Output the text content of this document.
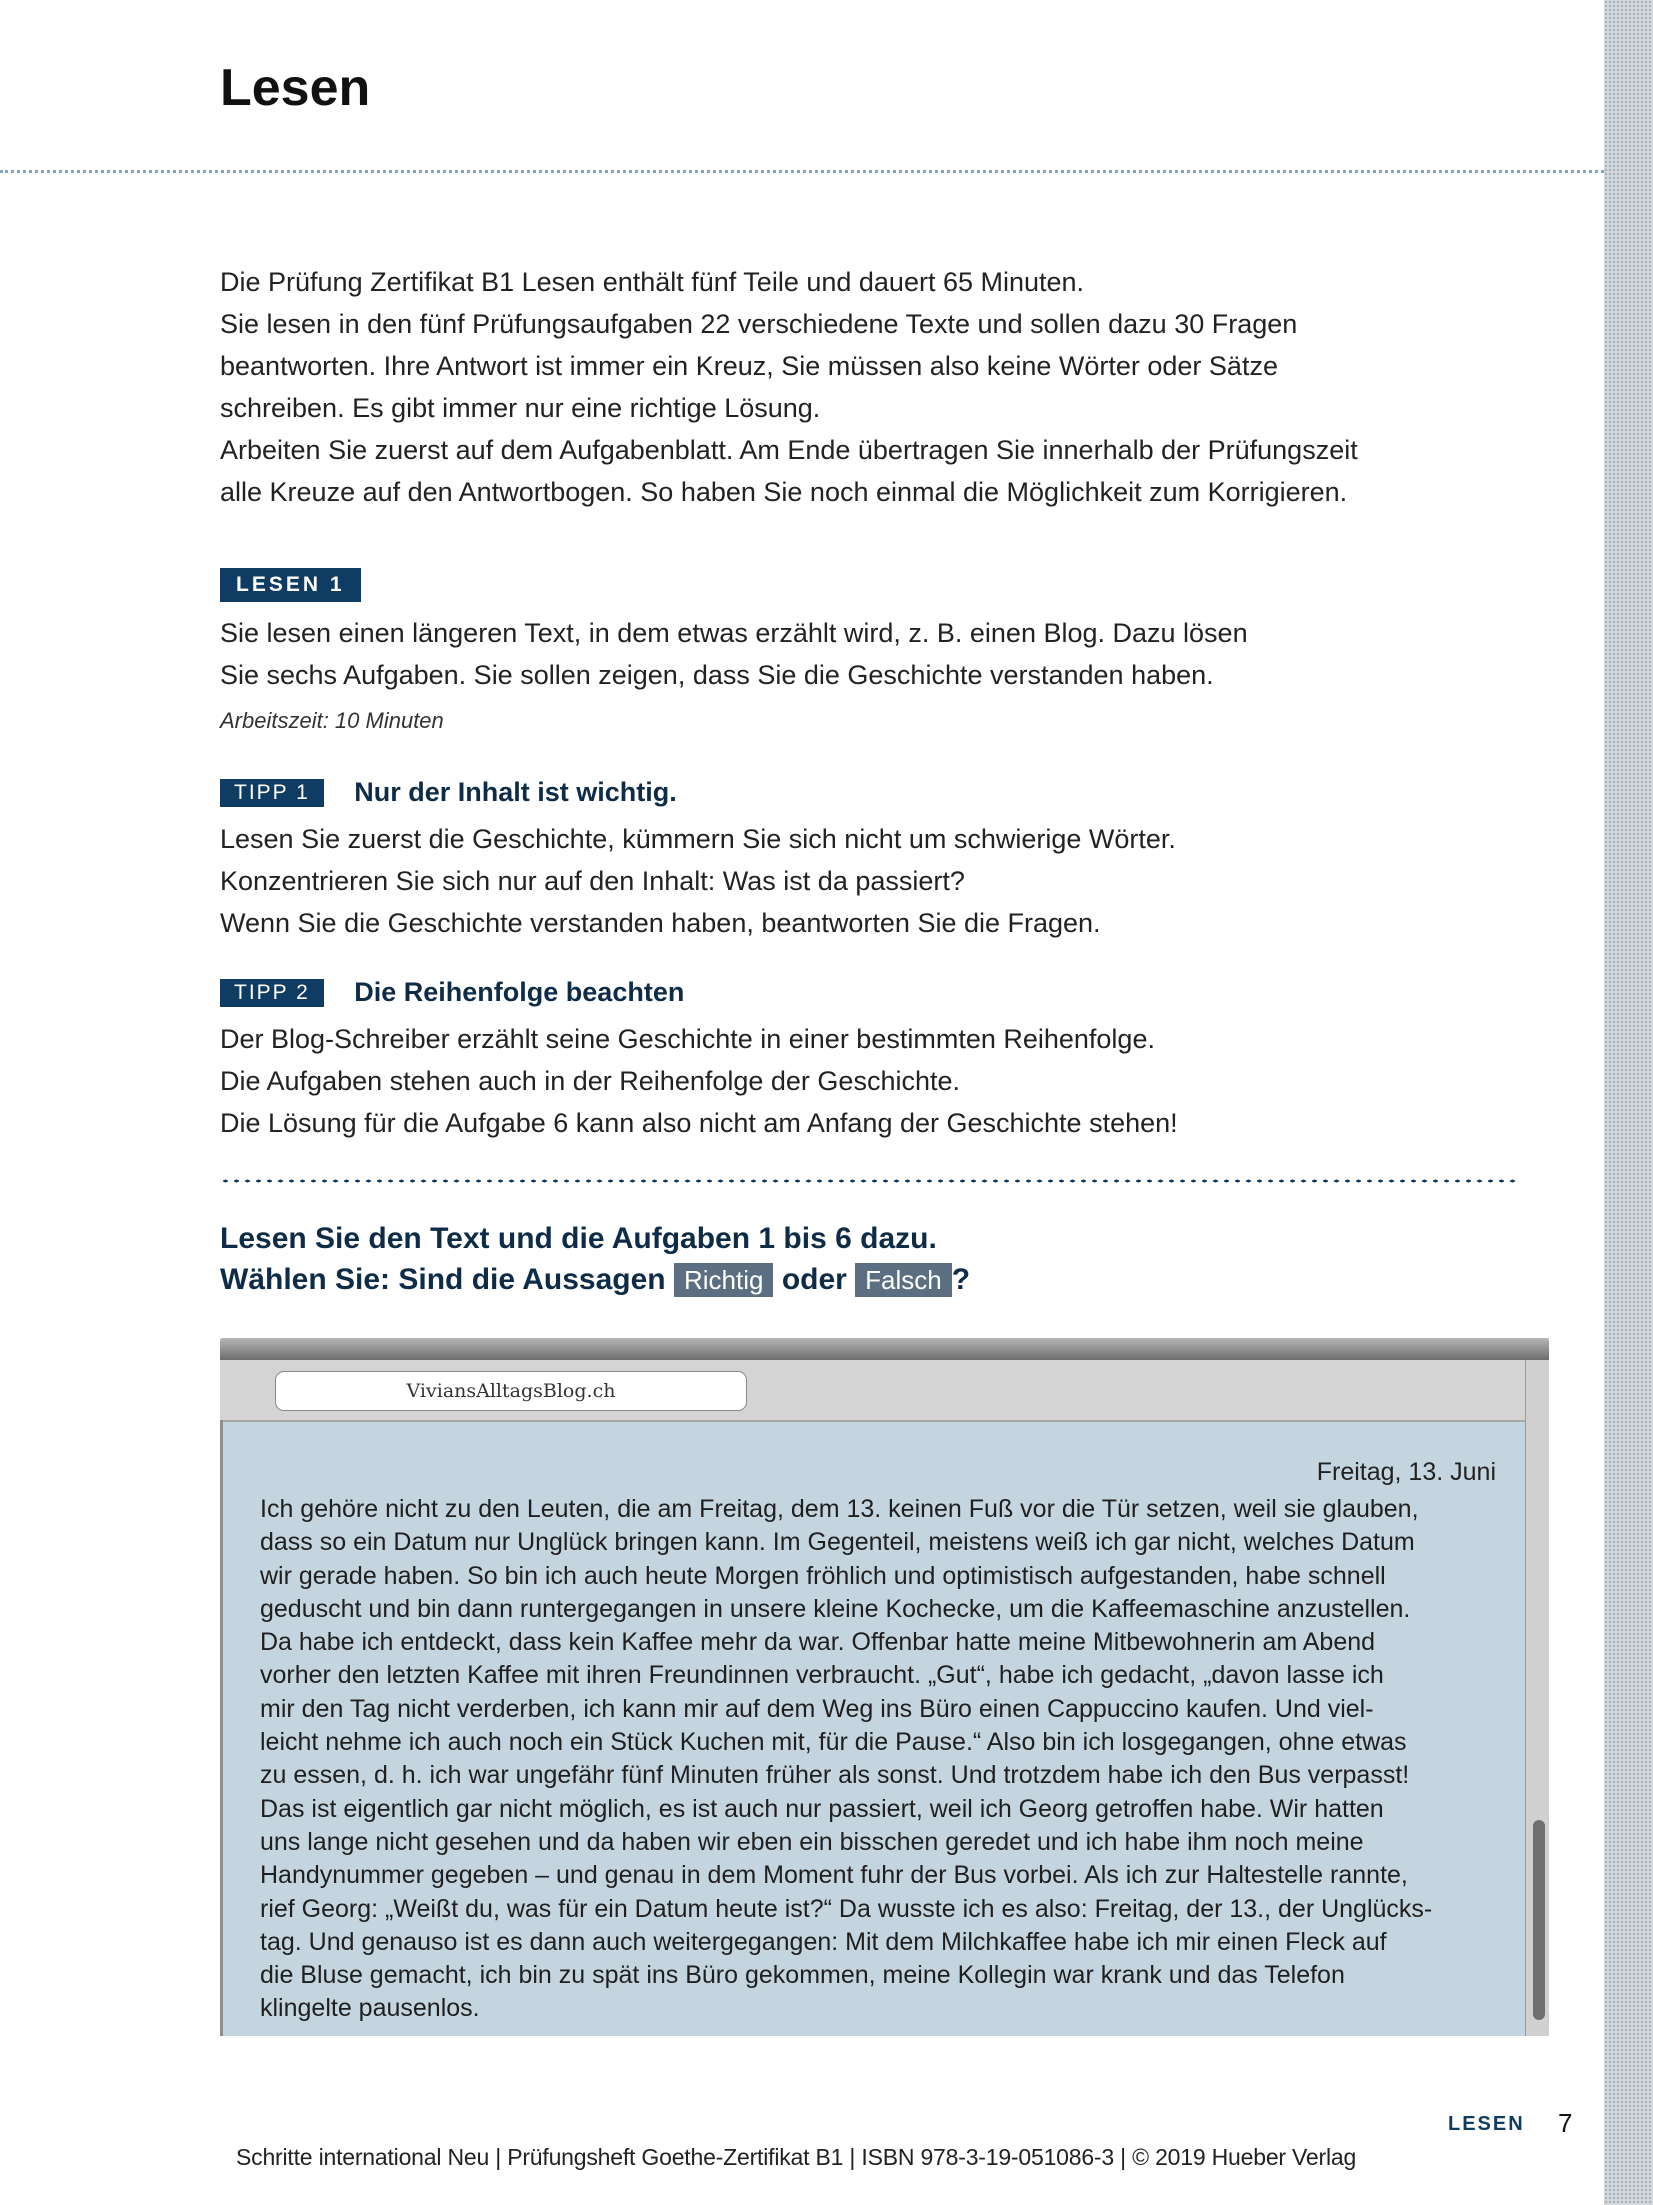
Lesen

Die Prüfung Zertifikat B1 Lesen enthält fünf Teile und dauert 65 Minuten.
Sie lesen in den fünf Prüfungsaufgaben 22 verschiedene Texte und sollen dazu 30 Fragen
beantworten. Ihre Antwort ist immer ein Kreuz, Sie müssen also keine Wörter oder Sätze
schreiben. Es gibt immer nur eine richtige Lösung.
Arbeiten Sie zuerst auf dem Aufgabenblatt. Am Ende übertragen Sie innerhalb der Prüfungszeit
alle Kreuze auf den Antwortbogen. So haben Sie noch einmal die Möglichkeit zum Korrigieren.

LESEN 1

Sie lesen einen längeren Text, in dem etwas erzählt wird, z. B. einen Blog. Dazu lösen
Sie sechs Aufgaben. Sie sollen zeigen, dass Sie die Geschichte verstanden haben.

Arbeitszeit: 10 Minuten
TIPP 1 Nur der Inhalt ist wichtig.

Lesen Sie zuerst die Geschichte, kümmern Sie sich nicht um schwierige Wörter.
Konzentrieren Sie sich nur auf den Inhalt: Was ist da passiert?
Wenn Sie die Geschichte verstanden haben, beantworten Sie die Fragen.

TIPP 2 Die Reihenfolge beachten

Der Blog-Schreiber erzählt seine Geschichte in einer bestimmten Reihenfolge.
Die Aufgaben stehen auch in der Reihenfolge der Geschichte.
Die Lösung für die Aufgabe 6 kann also nicht am Anfang der Geschichte stehen!

Lesen Sie den Text und die Aufgaben 1 bis 6 dazu.
Wählen Sie: Sind die Aussagen Richtig oder Falsch ?
ViviansAlltagsBlog.ch
Freitag, 13. Juni

Ich gehöre nicht zu den Leuten, die am Freitag, dem 13. keinen Fuß vor die Tür setzen, weil sie glauben,
dass so ein Datum nur Unglück bringen kann. Im Gegenteil, meistens weiß ich gar nicht, welches Datum
wir gerade haben. So bin ich auch heute Morgen fröhlich und optimistisch aufgestanden, habe schnell
geduscht und bin dann runtergegangen in unsere kleine Kochecke, um die Kaffeemaschine anzustellen.
Da habe ich entdeckt, dass kein Kaffee mehr da war. Offenbar hatte meine Mitbewohnerin am Abend
vorher den letzten Kaffee mit ihren Freundinnen verbraucht. „Gut“, habe ich gedacht, „davon lasse ich
mir den Tag nicht verderben, ich kann mir auf dem Weg ins Büro einen Cappuccino kaufen. Und viel-
leicht nehme ich auch noch ein Stück Kuchen mit, für die Pause.“ Also bin ich losgegangen, ohne etwas
zu essen, d. h. ich war ungefähr fünf Minuten früher als sonst. Und trotzdem habe ich den Bus verpasst!
Das ist eigentlich gar nicht möglich, es ist auch nur passiert, weil ich Georg getroffen habe. Wir hatten
uns lange nicht gesehen und da haben wir eben ein bisschen geredet und ich habe ihm noch meine
Handynummer gegeben – und genau in dem Moment fuhr der Bus vorbei. Als ich zur Haltestelle rannte,
rief Georg: „Weißt du, was für ein Datum heute ist?“ Da wusste ich es also: Freitag, der 13., der Unglücks-
tag. Und genauso ist es dann auch weitergegangen: Mit dem Milchkaffee habe ich mir einen Fleck auf
die Bluse gemacht, ich bin zu spät ins Büro gekommen, meine Kollegin war krank und das Telefon
klingelte pausenlos.

LESEN 7
Schritte international Neu | Prüfungsheft Goethe-Zertifikat B1 | ISBN 978-3-19-051086-3 | © 2019 Hueber Verlag
